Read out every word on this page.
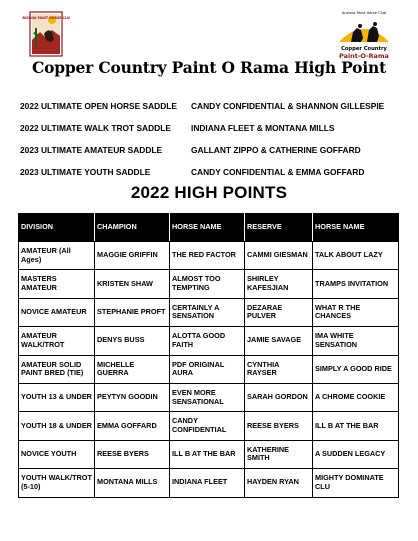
ARIZONA PAINT HORSE CLUB
Arizona Paint Horse Club
Copper Country
Paint-O-Rama
Copper Country Paint O Rama High Point
2022 ULTIMATE OPEN HORSE SADDLE	CANDY CONFIDENTIAL & SHANNON GILLESPIE
2022 ULTIMATE WALK TROT SADDLE	INDIANA FLEET & MONTANA MILLS
2023 ULTIMATE AMATEUR SADDLE	GALLANT ZIPPO & CATHERINE GOFFARD
2023 ULTIMATE YOUTH SADDLE	CANDY CONFIDENTIAL & EMMA GOFFARD
2022 HIGH POINTS
DIVISION	CHAMPION	HORSE NAME	RESERVE	HORSE NAME
AMATEUR (All Ages)	MAGGIE GRIFFIN	THE RED FACTOR	CAMMI GIESMAN	TALK ABOUT LAZY
MASTERS AMATEUR	KRISTEN SHAW	ALMOST TOO TEMPTING	SHIRLEY KAFESJIAN	TRAMPS INVITATION
NOVICE AMATEUR	STEPHANIE PROFT	CERTAINLY A SENSATION	DEZARAE PULVER	WHAT R THE CHANCES
AMATEUR WALK/TROT	DENYS BUSS	ALOTTA GOOD FAITH	JAMIE SAVAGE	IMA WHITE SENSATION
AMATEUR SOLID PAINT BRED (TIE)	MICHELLE GUERRA	PDF ORIGINAL AURA	CYNTHIA RAYSER	SIMPLY A GOOD RIDE
YOUTH 13 & UNDER	PEYTYN GOODIN	EVEN MORE SENSATIONAL	SARAH GORDON	A CHROME COOKIE
YOUTH 18 & UNDER	EMMA GOFFARD	CANDY CONFIDENTIAL	REESE BYERS	ILL B AT THE BAR
NOVICE YOUTH	REESE BYERS	ILL B AT THE BAR	KATHERINE SMITH	A SUDDEN LEGACY
YOUTH WALK/TROT (5-10)	MONTANA MILLS	INDIANA FLEET	HAYDEN RYAN	MIGHTY DOMINATE CLU
